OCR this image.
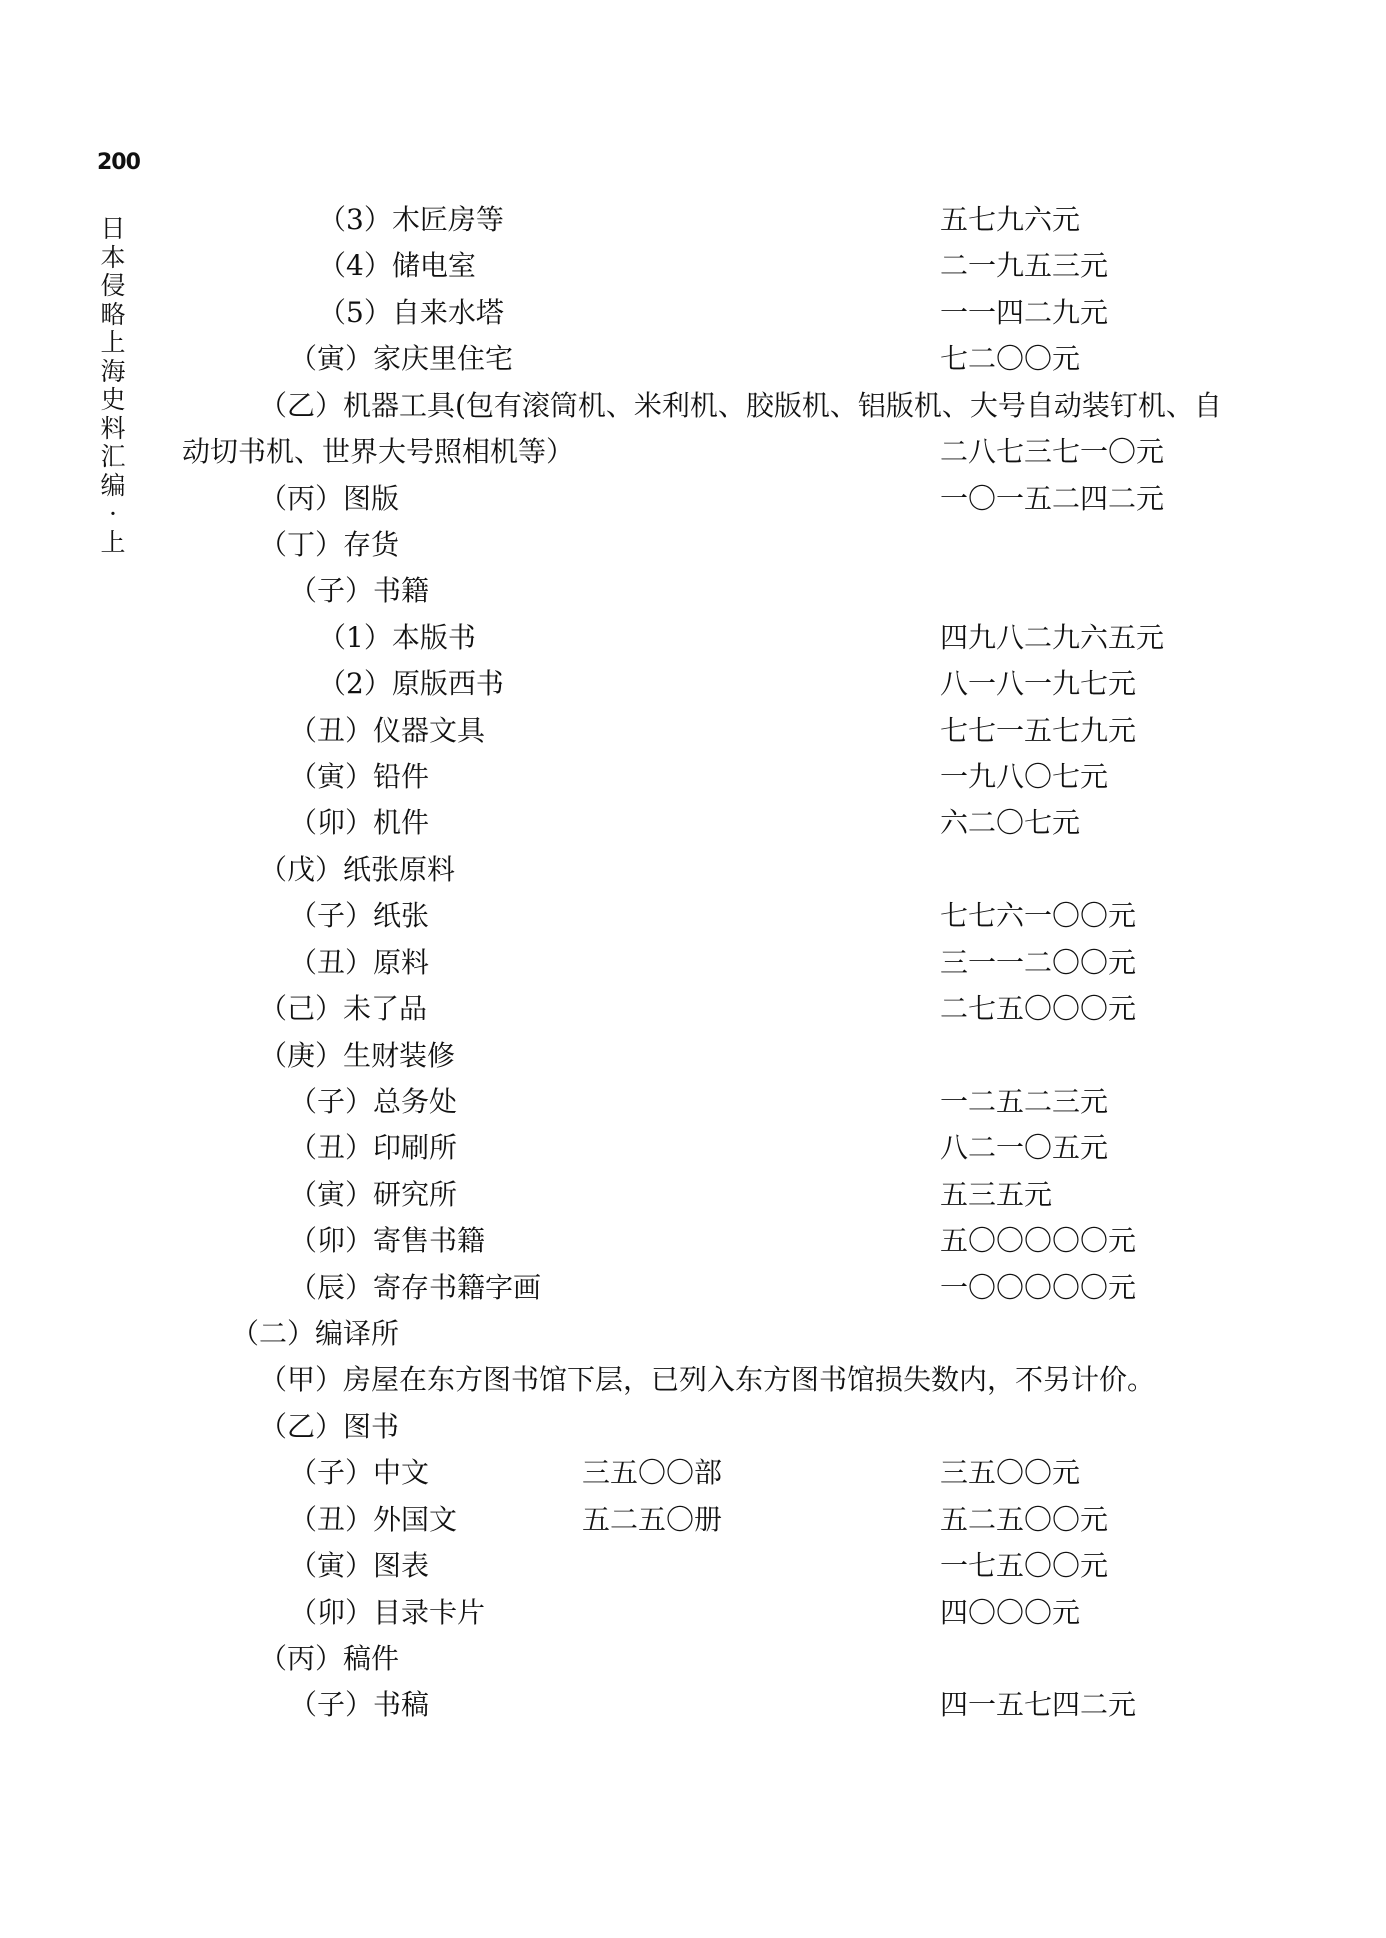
200
日本侵略上海史料汇编·上
（3）木匠房等	五七九六元
（4）储电室	二一九五三元
（5）自来水塔	一一四二九元
（寅）家庆里住宅	七二〇〇元
（乙）机器工具(包有滚筒机、米利机、胶版机、铝版机、大号自动装钉机、自
动切书机、世界大号照相机等）	二八七三七一〇元
（丙）图版	一〇一五二四二元
（丁）存货
（子）书籍
（1）本版书	四九八二九六五元
（2）原版西书	八一八一九七元
（丑）仪器文具	七七一五七九元
（寅）铅件	一九八〇七元
（卯）机件	六二〇七元
（戊）纸张原料
（子）纸张	七七六一〇〇元
（丑）原料	三一一二〇〇元
（己）未了品	二七五〇〇〇元
（庚）生财装修
（子）总务处	一二五二三元
（丑）印刷所	八二一〇五元
（寅）研究所	五三五元
（卯）寄售书籍	五〇〇〇〇〇元
（辰）寄存书籍字画	一〇〇〇〇〇元
（二）编译所
（甲）房屋在东方图书馆下层，已列入东方图书馆损失数内，不另计价。
（乙）图书
（子）中文	三五〇〇部	三五〇〇元
（丑）外国文	五二五〇册	五二五〇〇元
（寅）图表	一七五〇〇元
（卯）目录卡片	四〇〇〇元
（丙）稿件
（子）书稿	四一五七四二元
